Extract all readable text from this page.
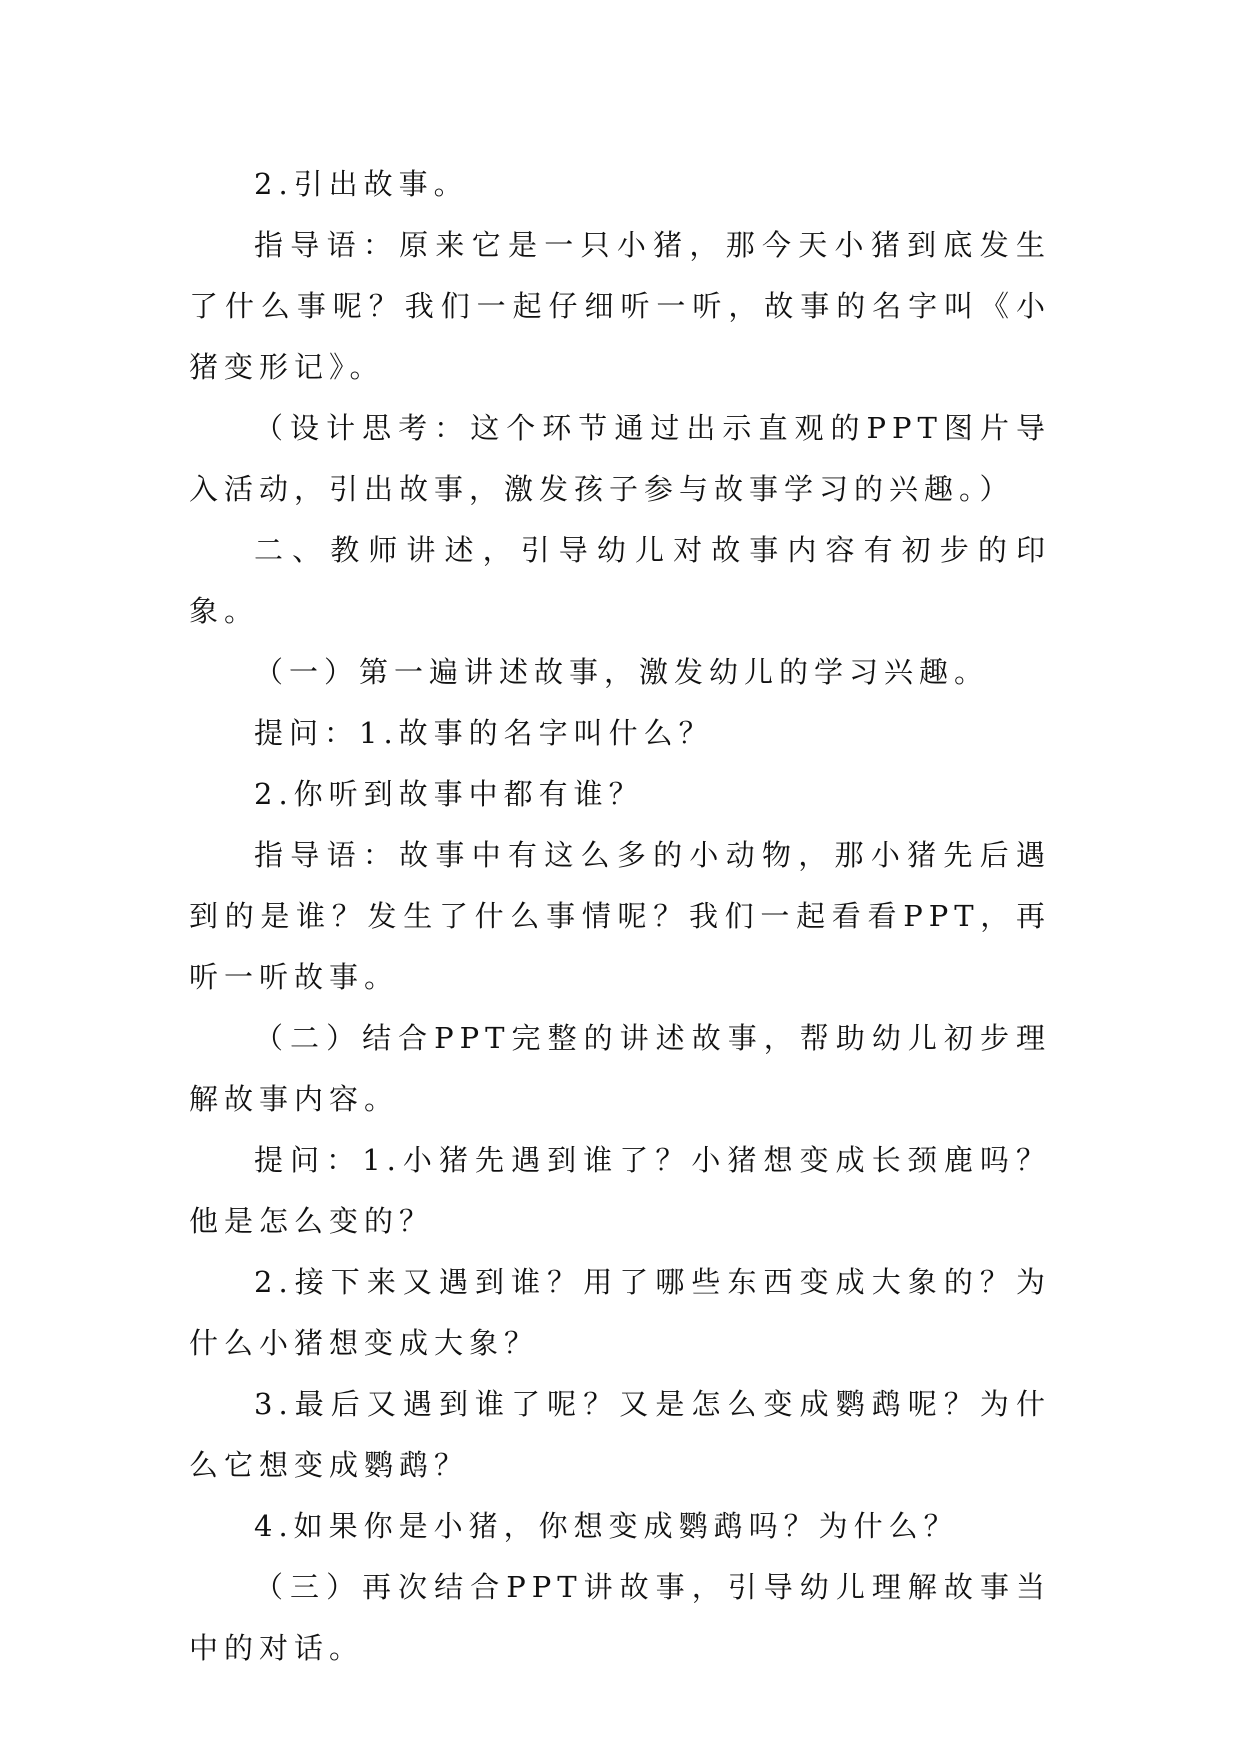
2.引出故事。

指导语：原来它是一只小猪，那今天小猪到底发生了什么事呢？我们一起仔细听一听，故事的名字叫《小猪变形记》。

（设计思考：这个环节通过出示直观的PPT图片导入活动，引出故事，激发孩子参与故事学习的兴趣。）

二、教师讲述，引导幼儿对故事内容有初步的印象。

（一）第一遍讲述故事，激发幼儿的学习兴趣。

提问：1.故事的名字叫什么？

2.你听到故事中都有谁？

指导语：故事中有这么多的小动物，那小猪先后遇到的是谁？发生了什么事情呢？我们一起看看PPT，再听一听故事。

（二）结合PPT完整的讲述故事，帮助幼儿初步理解故事内容。

提问：1.小猪先遇到谁了？小猪想变成长颈鹿吗？他是怎么变的？

2.接下来又遇到谁？用了哪些东西变成大象的？为什么小猪想变成大象？

3.最后又遇到谁了呢？又是怎么变成鹦鹉呢？为什么它想变成鹦鹉？

4.如果你是小猪，你想变成鹦鹉吗？为什么？

（三）再次结合PPT讲故事，引导幼儿理解故事当中的对话。
